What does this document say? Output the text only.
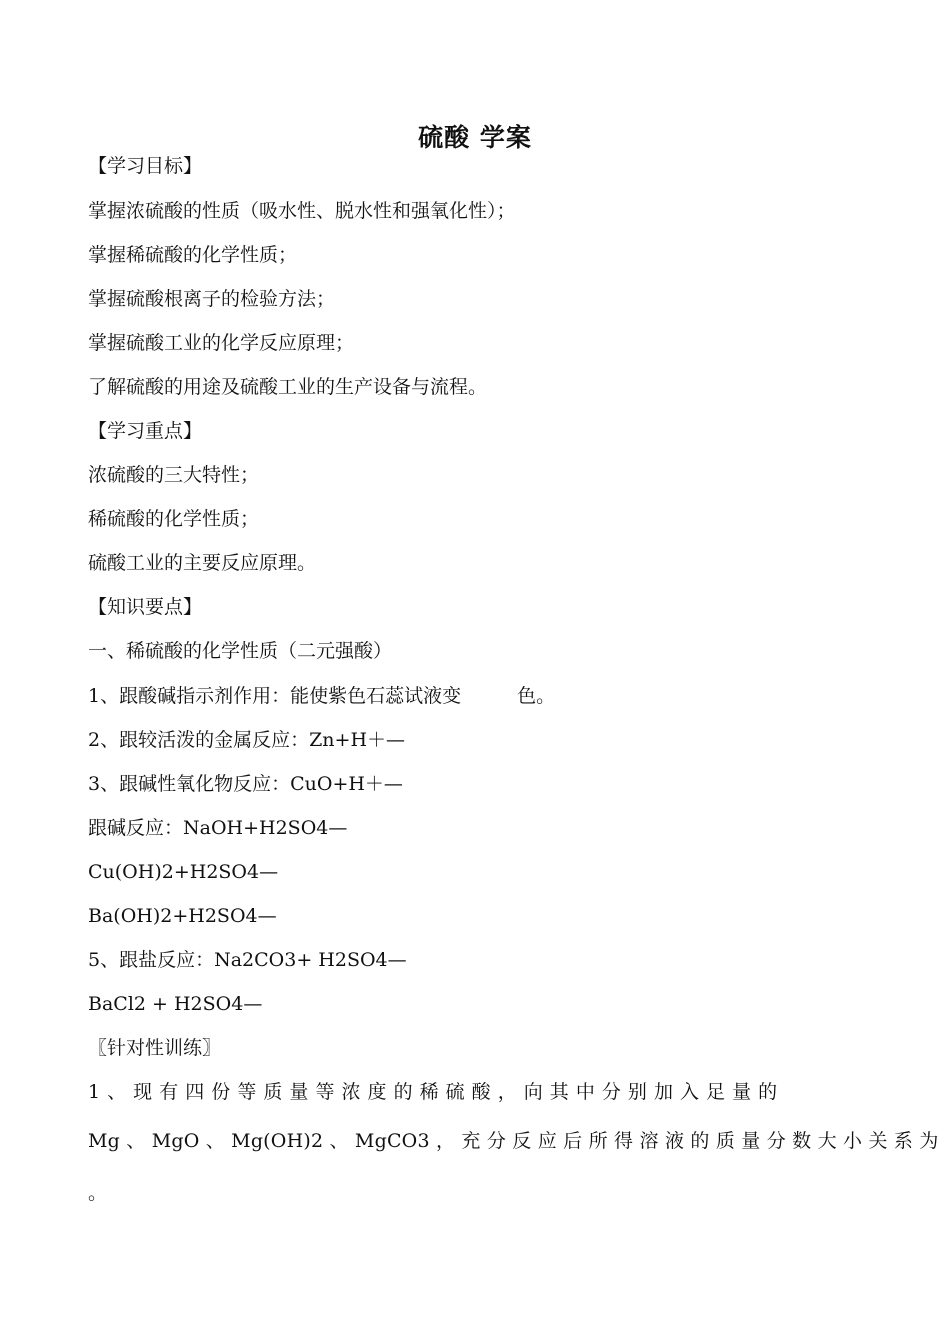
硫酸 学案
【学习目标】
掌握浓硫酸的性质（吸水性、脱水性和强氧化性）；
掌握稀硫酸的化学性质；
掌握硫酸根离子的检验方法；
掌握硫酸工业的化学反应原理；
了解硫酸的用途及硫酸工业的生产设备与流程。
【学习重点】
浓硫酸的三大特性；
稀硫酸的化学性质；
硫酸工业的主要反应原理。
【知识要点】
一、稀硫酸的化学性质（二元强酸）
1、跟酸碱指示剂作用：能使紫色石蕊试液变	色。
2、跟较活泼的金属反应：Zn+H＋—
3、跟碱性氧化物反应：CuO+H＋—
跟碱反应：NaOH+H2SO4—
Cu(OH)2+H2SO4—
Ba(OH)2+H2SO4—
5、跟盐反应：Na2CO3+ H2SO4—
BaCl2 + H2SO4—
〖针对性训练〗
1 、 现 有 四 份 等 质 量 等 浓 度 的 稀 硫 酸 ， 向 其 中 分 别 加 入 足 量 的
Mg 、 MgO 、 Mg(OH)2 、 MgCO3 ， 充 分 反 应 后 所 得 溶 液 的 质 量 分 数 大 小 关 系 为
。
